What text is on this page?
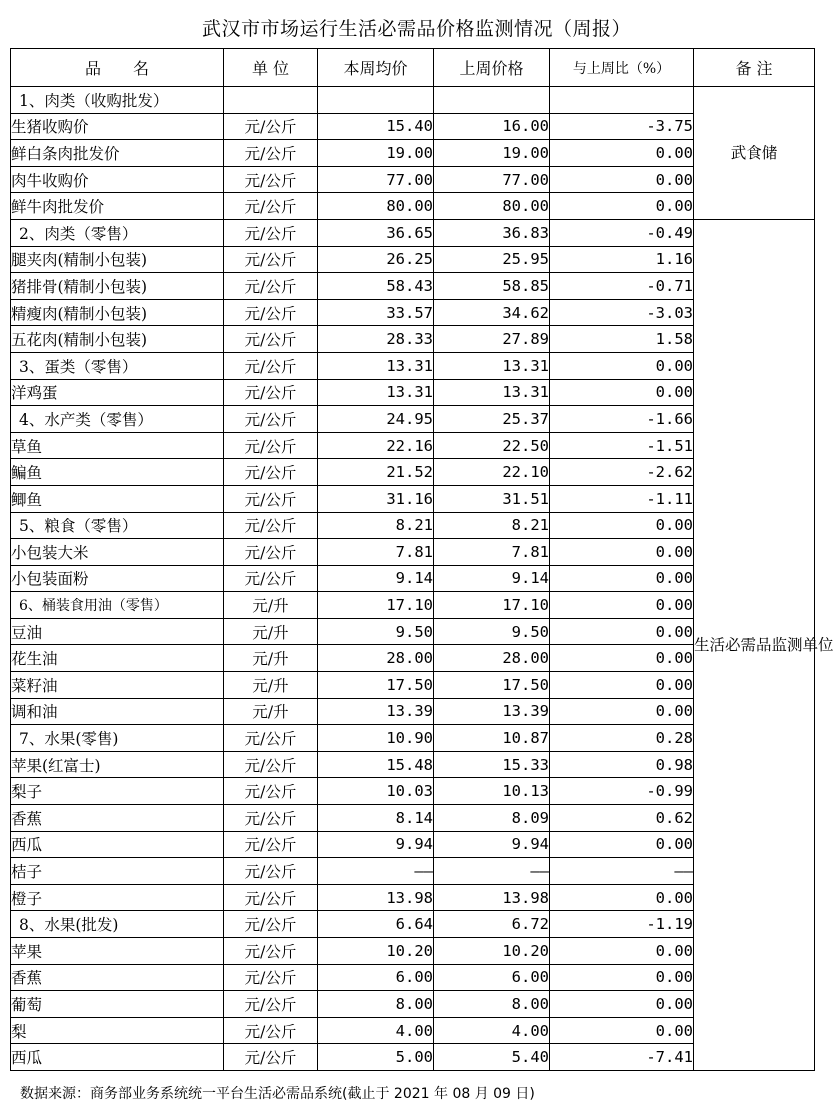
武汉市市场运行生活必需品价格监测情况（周报）
品　　名	单 位	本周均价	上周价格	与上周比（%）	备 注
1、肉类（收购批发）					武食储
生猪收购价	元/公斤	15.40	16.00	-3.75	
鲜白条肉批发价	元/公斤	19.00	19.00	0.00	
肉牛收购价	元/公斤	77.00	77.00	0.00	
鲜牛肉批发价	元/公斤	80.00	80.00	0.00	
2、肉类（零售）	元/公斤	36.65	36.83	-0.49	生活必需品监测单位
腿夹肉(精制小包装)	元/公斤	26.25	25.95	1.16	
猪排骨(精制小包装)	元/公斤	58.43	58.85	-0.71	
精瘦肉(精制小包装)	元/公斤	33.57	34.62	-3.03	
五花肉(精制小包装)	元/公斤	28.33	27.89	1.58	
3、蛋类（零售）	元/公斤	13.31	13.31	0.00	
洋鸡蛋	元/公斤	13.31	13.31	0.00	
4、水产类（零售）	元/公斤	24.95	25.37	-1.66	
草鱼	元/公斤	22.16	22.50	-1.51	
鳊鱼	元/公斤	21.52	22.10	-2.62	
鲫鱼	元/公斤	31.16	31.51	-1.11	
5、粮食（零售）	元/公斤	8.21	8.21	0.00	
小包装大米	元/公斤	7.81	7.81	0.00	
小包装面粉	元/公斤	9.14	9.14	0.00	
6、桶装食用油（零售）	元/升	17.10	17.10	0.00	
豆油	元/升	9.50	9.50	0.00	
花生油	元/升	28.00	28.00	0.00	
菜籽油	元/升	17.50	17.50	0.00	
调和油	元/升	13.39	13.39	0.00	
7、水果(零售)	元/公斤	10.90	10.87	0.28	
苹果(红富士)	元/公斤	15.48	15.33	0.98	
梨子	元/公斤	10.03	10.13	-0.99	
香蕉	元/公斤	8.14	8.09	0.62	
西瓜	元/公斤	9.94	9.94	0.00	
桔子	元/公斤	——	——	——	
橙子	元/公斤	13.98	13.98	0.00	
8、水果(批发)	元/公斤	6.64	6.72	-1.19	
苹果	元/公斤	10.20	10.20	0.00	
香蕉	元/公斤	6.00	6.00	0.00	
葡萄	元/公斤	8.00	8.00	0.00	
梨	元/公斤	4.00	4.00	0.00	
西瓜	元/公斤	5.00	5.40	-7.41	
数据来源：商务部业务系统统一平台生活必需品系统(截止于 2021 年 08 月 09 日)
